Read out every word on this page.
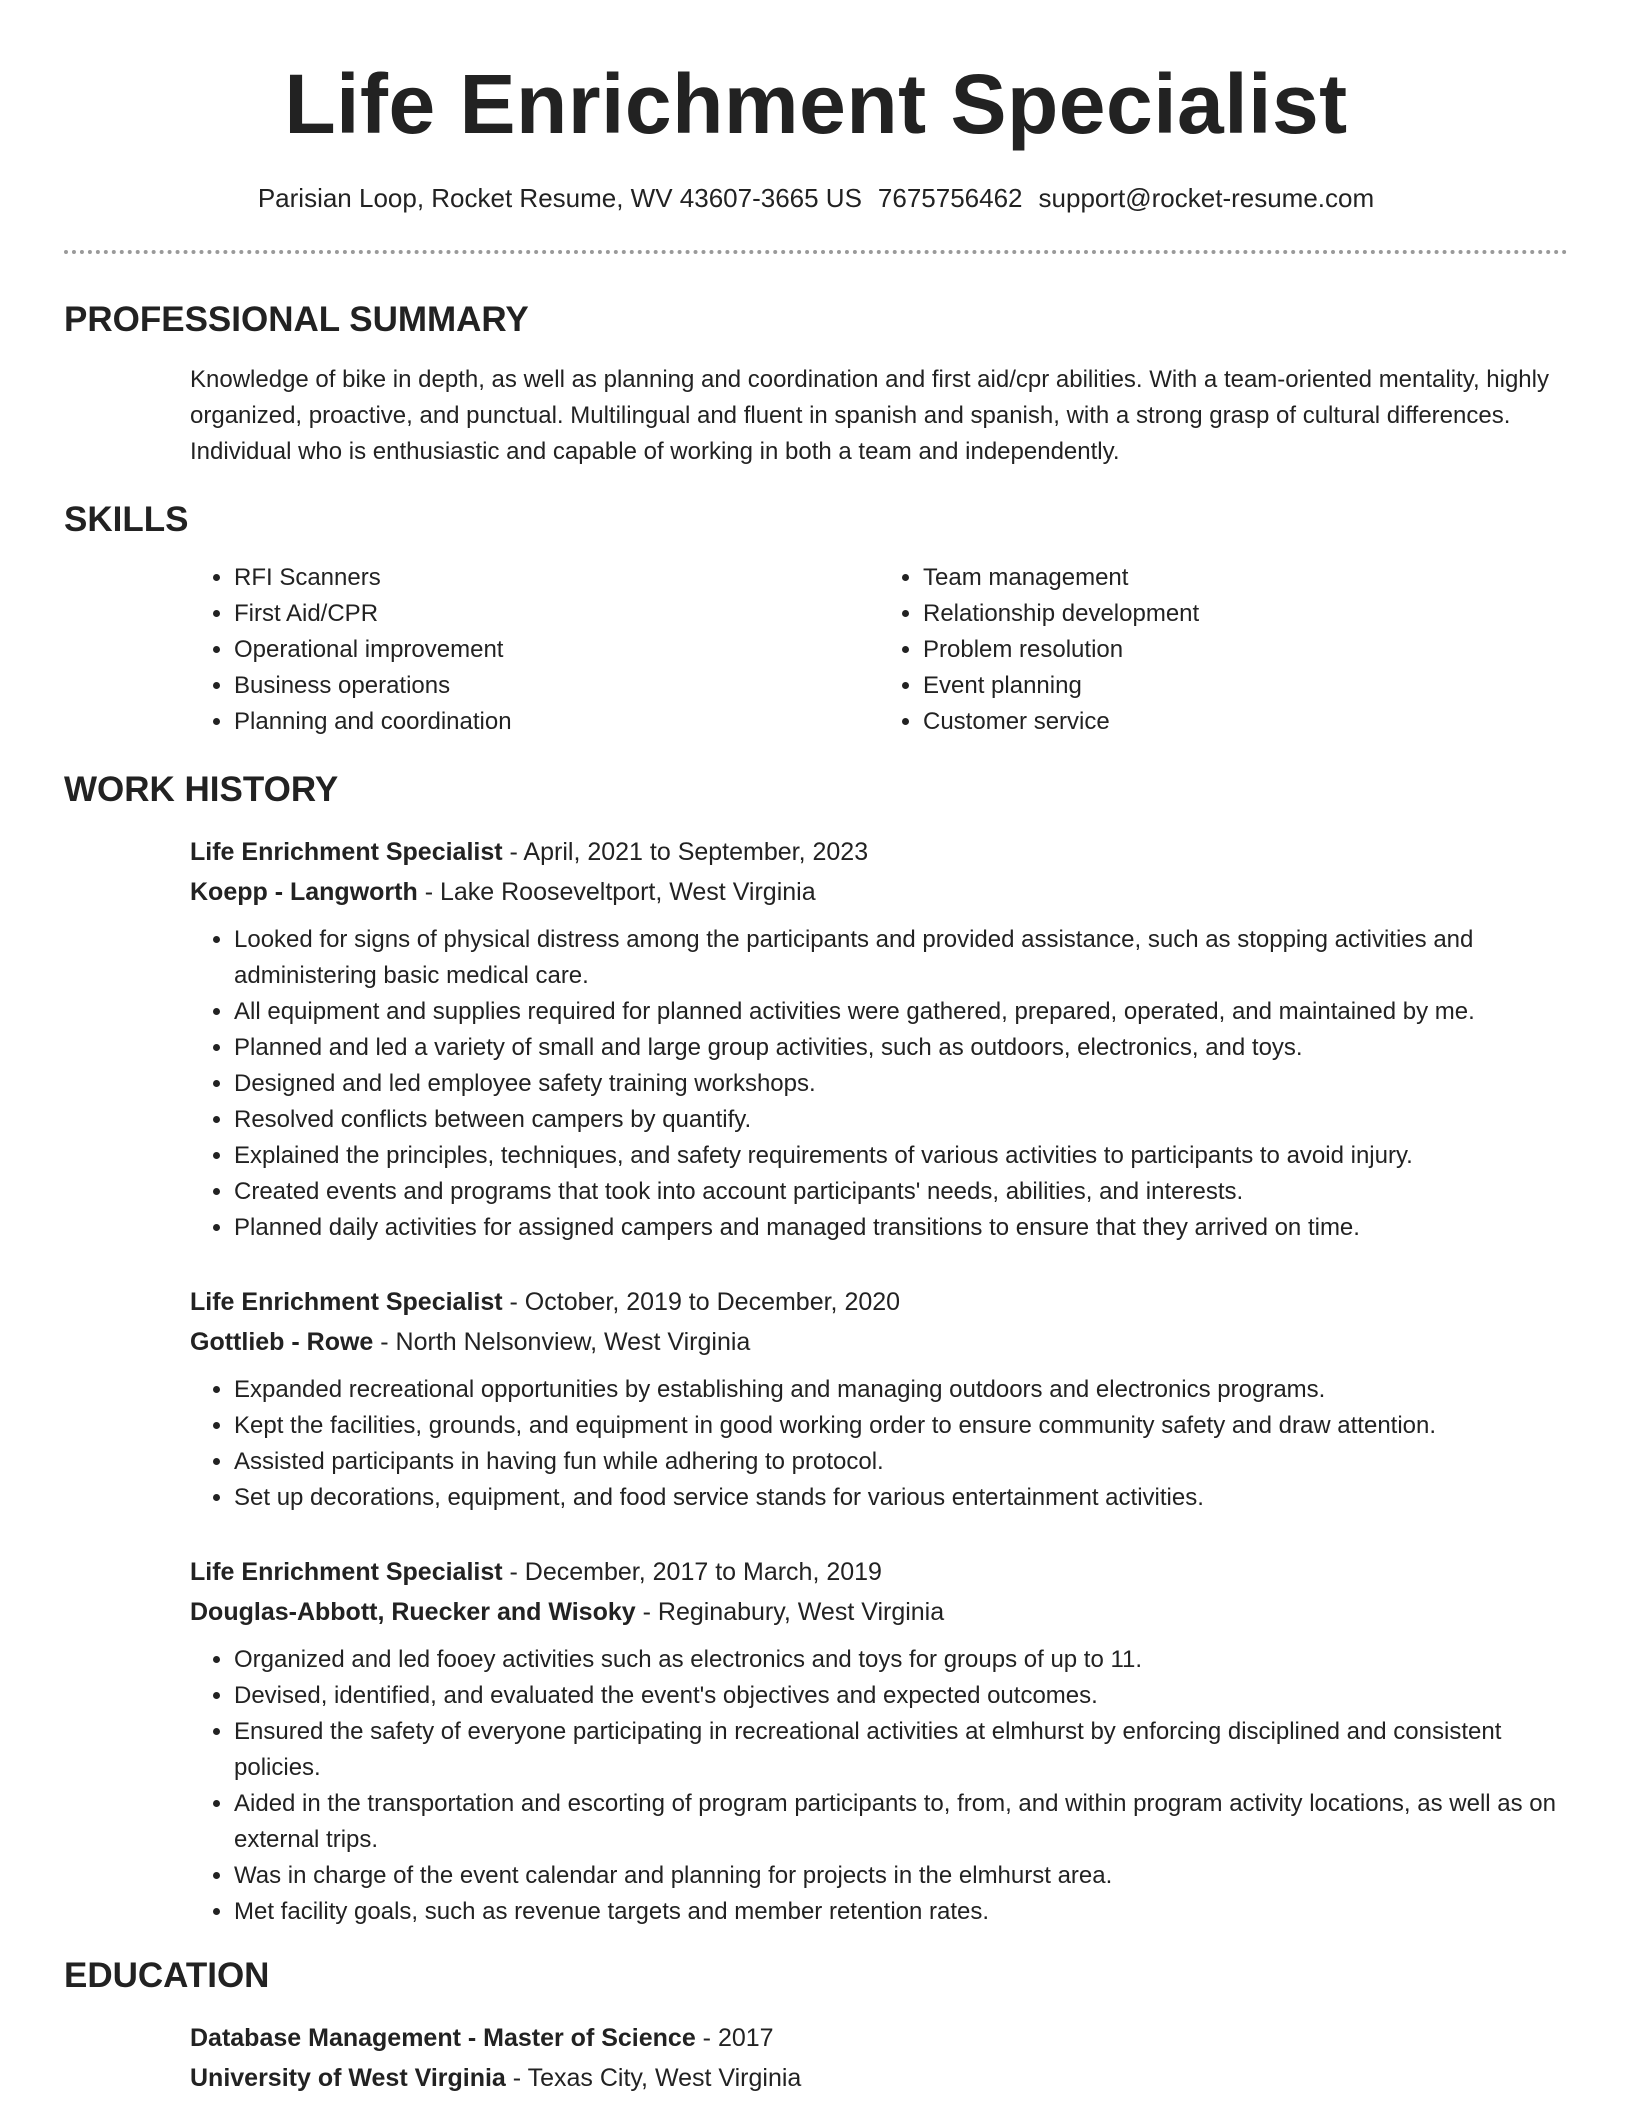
Life Enrichment Specialist
Parisian Loop, Rocket Resume, WV 43607-3665 US 7675756462 support@rocket-resume.com
PROFESSIONAL SUMMARY

Knowledge of bike in depth, as well as planning and coordination and first aid/cpr abilities. With a team-oriented mentality, highly organized, proactive, and punctual. Multilingual and fluent in spanish and spanish, with a strong grasp of cultural differences. Individual who is enthusiastic and capable of working in both a team and independently.

SKILLS
• RFI Scanners
• First Aid/CPR
• Operational improvement
• Business operations
• Planning and coordination
• Team management
• Relationship development
• Problem resolution
• Event planning
• Customer service
WORK HISTORY

Life Enrichment Specialist - April, 2021 to September, 2023

Koepp - Langworth - Lake Rooseveltport, West Virginia

• Looked for signs of physical distress among the participants and provided assistance, such as stopping activities and administering basic medical care.
• All equipment and supplies required for planned activities were gathered, prepared, operated, and maintained by me.
• Planned and led a variety of small and large group activities, such as outdoors, electronics, and toys.
• Designed and led employee safety training workshops.
• Resolved conflicts between campers by quantify.
• Explained the principles, techniques, and safety requirements of various activities to participants to avoid injury.
• Created events and programs that took into account participants' needs, abilities, and interests.
• Planned daily activities for assigned campers and managed transitions to ensure that they arrived on time.

Life Enrichment Specialist - October, 2019 to December, 2020

Gottlieb - Rowe - North Nelsonview, West Virginia

• Expanded recreational opportunities by establishing and managing outdoors and electronics programs.
• Kept the facilities, grounds, and equipment in good working order to ensure community safety and draw attention.
• Assisted participants in having fun while adhering to protocol.
• Set up decorations, equipment, and food service stands for various entertainment activities.

Life Enrichment Specialist - December, 2017 to March, 2019

Douglas-Abbott, Ruecker and Wisoky - Reginabury, West Virginia

• Organized and led fooey activities such as electronics and toys for groups of up to 11.
• Devised, identified, and evaluated the event's objectives and expected outcomes.
• Ensured the safety of everyone participating in recreational activities at elmhurst by enforcing disciplined and consistent policies.
• Aided in the transportation and escorting of program participants to, from, and within program activity locations, as well as on external trips.
• Was in charge of the event calendar and planning for projects in the elmhurst area.
• Met facility goals, such as revenue targets and member retention rates.
EDUCATION

Database Management - Master of Science - 2017

University of West Virginia - Texas City, West Virginia
